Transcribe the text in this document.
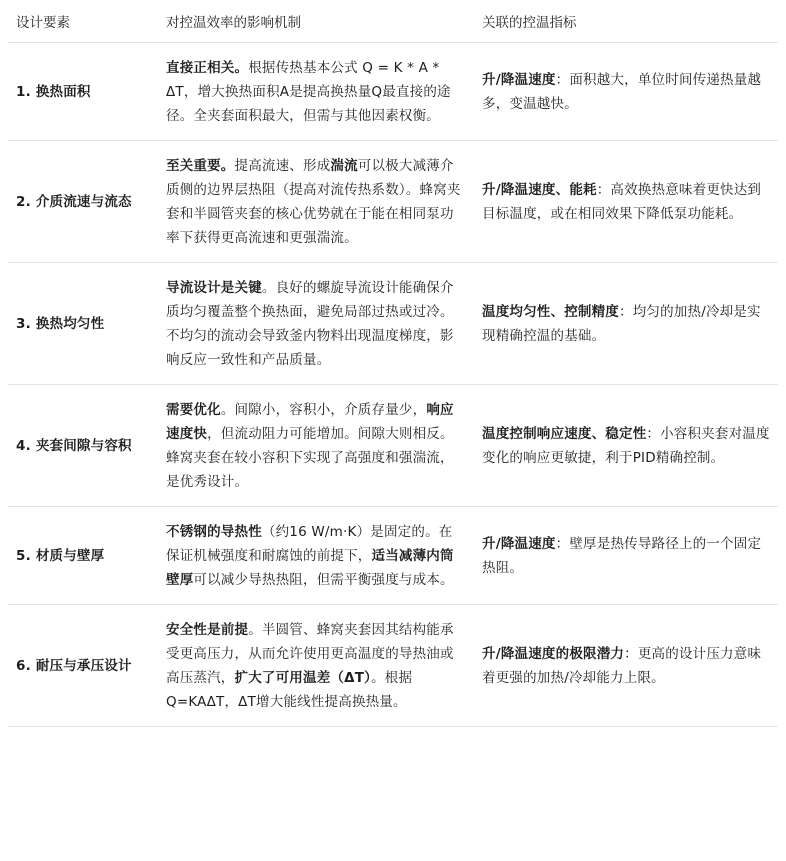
设计要素	对控温效率的影响机制	关联的控温指标
1. 换热面积	直接正相关。根据传热基本公式 Q = K * A * ΔT，增大换热面积A是提高换热量Q最直接的途径。全夹套面积最大，但需与其他因素权衡。	升/降温速度：面积越大，单位时间传递热量越多，变温越快。
2. 介质流速与流态	至关重要。提高流速、形成湍流可以极大减薄介质侧的边界层热阻（提高对流传热系数）。蜂窝夹套和半圆管夹套的核心优势就在于能在相同泵功率下获得更高流速和更强湍流。	升/降温速度、能耗：高效换热意味着更快达到目标温度，或在相同效果下降低泵功能耗。
3. 换热均匀性	导流设计是关键。良好的螺旋导流设计能确保介质均匀覆盖整个换热面，避免局部过热或过冷。不均匀的流动会导致釜内物料出现温度梯度，影响反应一致性和产品质量。	温度均匀性、控制精度：均匀的加热/冷却是实现精确控温的基础。
4. 夹套间隙与容积	需要优化。间隙小，容积小，介质存量少，响应速度快，但流动阻力可能增加。间隙大则相反。蜂窝夹套在较小容积下实现了高强度和强湍流，是优秀设计。	温度控制响应速度、稳定性：小容积夹套对温度变化的响应更敏捷，利于PID精确控制。
5. 材质与壁厚	不锈钢的导热性（约16 W/m·K）是固定的。在保证机械强度和耐腐蚀的前提下，适当减薄内筒壁厚可以减少导热热阻，但需平衡强度与成本。	升/降温速度：壁厚是热传导路径上的一个固定热阻。
6. 耐压与承压设计	安全性是前提。半圆管、蜂窝夹套因其结构能承受更高压力，从而允许使用更高温度的导热油或高压蒸汽，扩大了可用温差（ΔT）。根据Q=KAΔT，ΔT增大能线性提高换热量。	升/降温速度的极限潜力：更高的设计压力意味着更强的加热/冷却能力上限。
